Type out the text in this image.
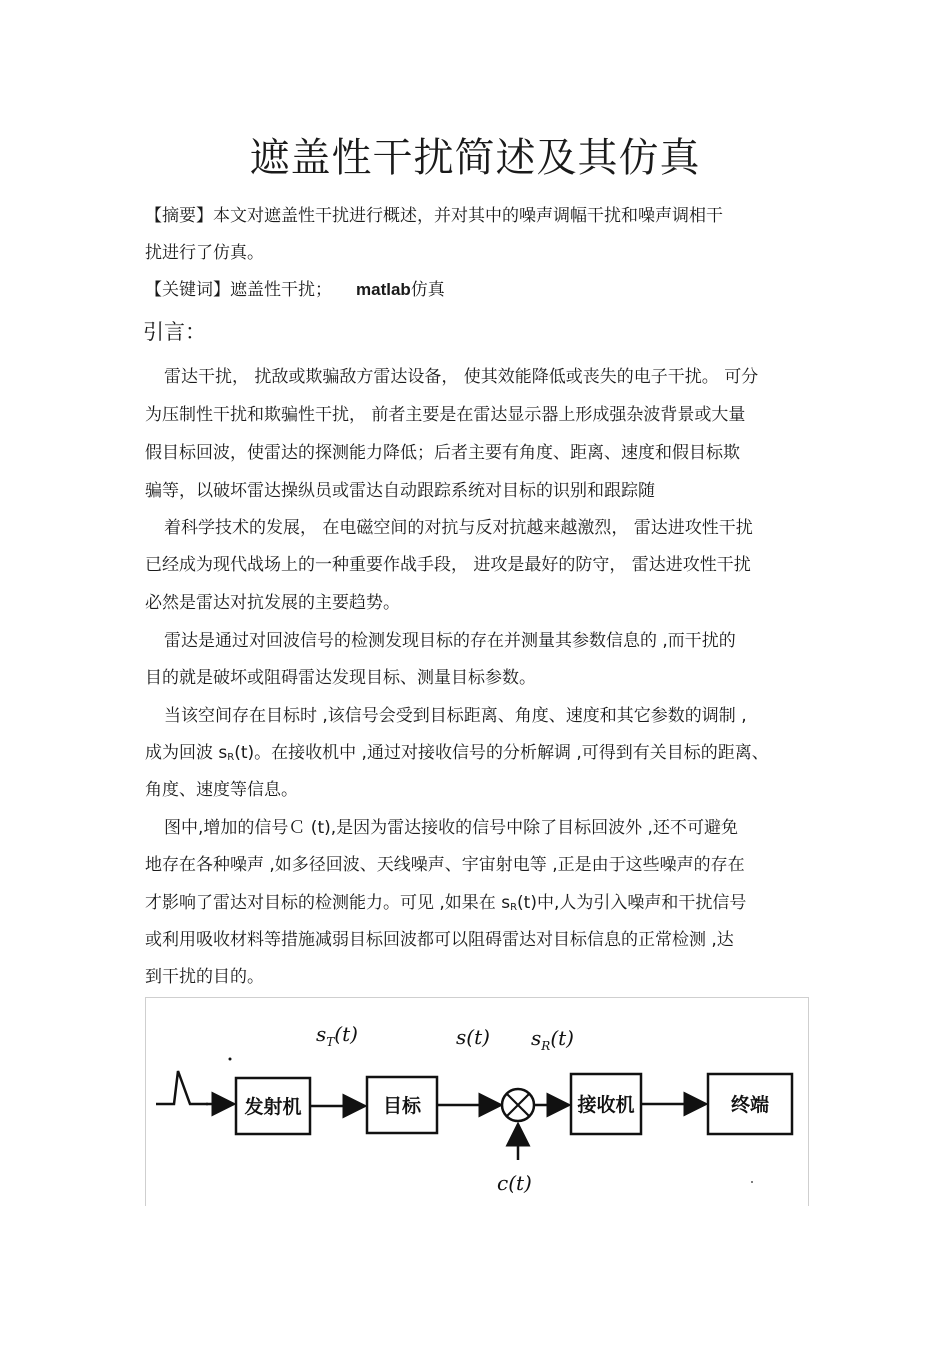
遮盖性干扰简述及其仿真
【摘要】本文对遮盖性干扰进行概述，并对其中的噪声调幅干扰和噪声调相干
扰进行了仿真。
【关键词】遮盖性干扰； matlab仿真
引言：
雷达干扰， 扰敌或欺骗敌方雷达设备， 使其效能降低或丧失的电子干扰。 可分
为压制性干扰和欺骗性干扰， 前者主要是在雷达显示器上形成强杂波背景或大量
假目标回波，使雷达的探测能力降低；后者主要有角度、距离、速度和假目标欺
骗等，以破坏雷达操纵员或雷达自动跟踪系统对目标的识别和跟踪随
着科学技术的发展， 在电磁空间的对抗与反对抗越来越激烈， 雷达进攻性干扰
已经成为现代战场上的一种重要作战手段， 进攻是最好的防守， 雷达进攻性干扰
必然是雷达对抗发展的主要趋势。
雷达是通过对回波信号的检测发现目标的存在并测量其参数信息的 ,而干扰的
目的就是破坏或阻碍雷达发现目标、测量目标参数。
当该空间存在目标时 ,该信号会受到目标距离、角度、速度和其它参数的调制 ,
成为回波 $s_R(t)$。在接收机中 ,通过对接收信号的分析解调 ,可得到有关目标的距离、
角度、速度等信息。
图中,增加的信号Ｃ (t),是因为雷达接收的信号中除了目标回波外 ,还不可避免
地存在各种噪声 ,如多径回波、天线噪声、宇宙射电等 ,正是由于这些噪声的存在
才影响了雷达对目标的检测能力。可见 ,如果在 $s_R(t)$中,人为引入噪声和干扰信号
或利用吸收材料等措施减弱目标回波都可以阻碍雷达对目标信息的正常检测 ,达
到干扰的目的。
发射机	目标	接收机	终端
$s_T(t)$	s(t) $s_R(t)$
c(t)
